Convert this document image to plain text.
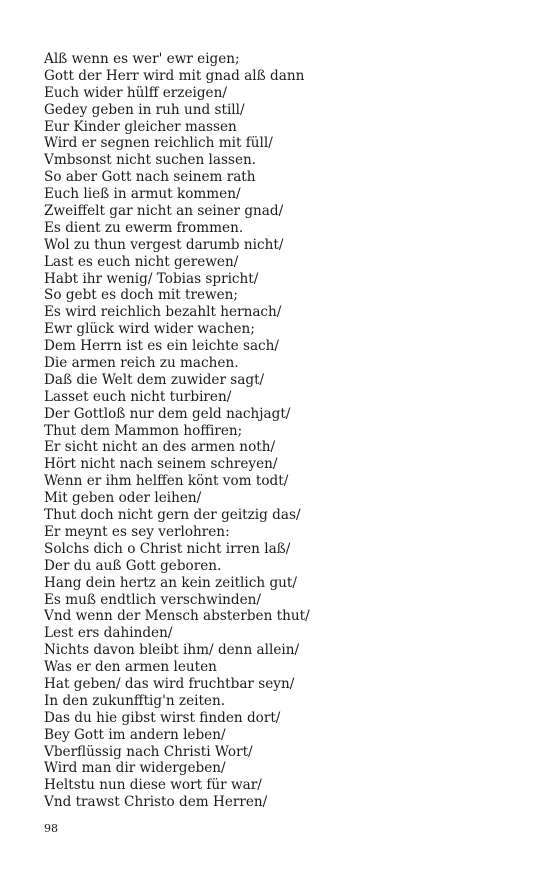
Alß wenn es wer' ewr eigen;
Gott der Herr wird mit gnad alß dann
Euch wider hülff erzeigen/
Gedey geben in ruh und still/
Eur Kinder gleicher massen
Wird er segnen reichlich mit füll/
Vmbsonst nicht suchen lassen.
So aber Gott nach seinem rath
Euch ließ in armut kommen/
Zweiffelt gar nicht an seiner gnad/
Es dient zu ewerm frommen.
Wol zu thun vergest darumb nicht/
Last es euch nicht gerewen/
Habt ihr wenig/ Tobias spricht/
So gebt es doch mit trewen;
Es wird reichlich bezahlt hernach/
Ewr glück wird wider wachen;
Dem Herrn ist es ein leichte sach/
Die armen reich zu machen.
Daß die Welt dem zuwider sagt/
Lasset euch nicht turbiren/
Der Gottloß nur dem geld nachjagt/
Thut dem Mammon hoffiren;
Er sicht nicht an des armen noth/
Hört nicht nach seinem schreyen/
Wenn er ihm helffen könt vom todt/
Mit geben oder leihen/
Thut doch nicht gern der geitzig das/
Er meynt es sey verlohren:
Solchs dich o Christ nicht irren laß/
Der du auß Gott geboren.
Hang dein hertz an kein zeitlich gut/
Es muß endtlich verschwinden/
Vnd wenn der Mensch absterben thut/
Lest ers dahinden/
Nichts davon bleibt ihm/ denn allein/
Was er den armen leuten
Hat geben/ das wird fruchtbar seyn/
In den zukunfftig'n zeiten.
Das du hie gibst wirst finden dort/
Bey Gott im andern leben/
Vberflüssig nach Christi Wort/
Wird man dir widergeben/
Heltstu nun diese wort für war/
Vnd trawst Christo dem Herren/
98
